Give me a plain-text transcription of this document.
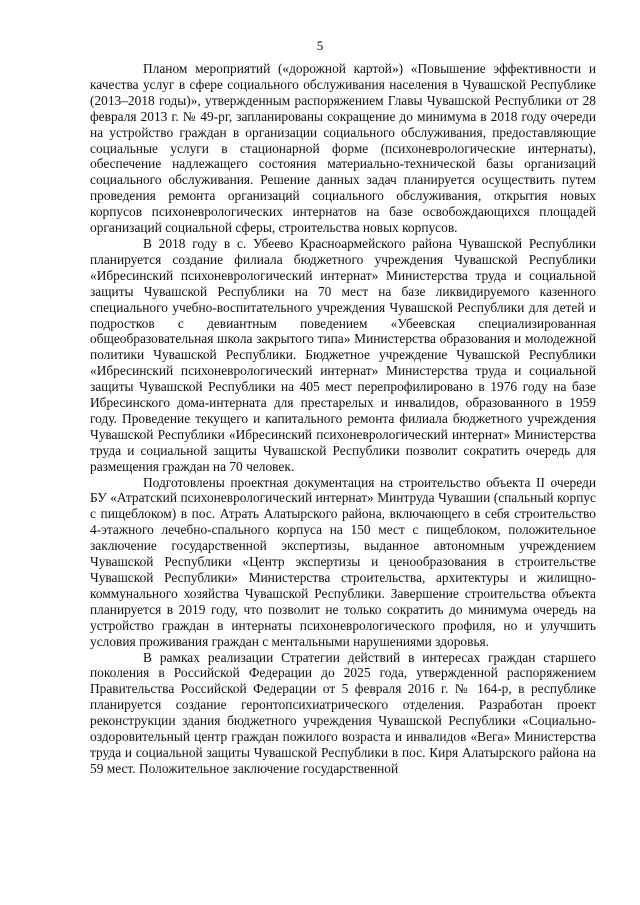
5

Планом мероприятий («дорожной картой») «Повышение эффективности и качества услуг в сфере социального обслуживания населения в Чувашской Республике (2013–2018 годы)», утвержденным распоряжением Главы Чувашской Республики от 28 февраля 2013 г. № 49-рг, запланированы сокращение до минимума в 2018 году очереди на устройство граждан в организации социального обслуживания, предоставляющие социальные услуги в стационарной форме (психоневрологические интернаты), обеспечение надлежащего состояния материально-технической базы организаций социального обслуживания. Решение данных задач планируется осуществить путем проведения ремонта организаций социального обслуживания, открытия новых корпусов психоневрологических интернатов на базе освобождающихся площадей организаций социальной сферы, строительства новых корпусов.

В 2018 году в с. Убеево Красноармейского района Чувашской Республики планируется создание филиала бюджетного учреждения Чувашской Республики «Ибресинский психоневрологический интернат» Министерства труда и социальной защиты Чувашской Республики на 70 мест на базе ликвидируемого казенного специального учебно-воспитательного учреждения Чувашской Республики для детей и подростков с девиантным поведением «Убеевская специализированная общеобразовательная школа закрытого типа» Министерства образования и молодежной политики Чувашской Республики. Бюджетное учреждение Чувашской Республики «Ибресинский психоневрологический интернат» Министерства труда и социальной защиты Чувашской Республики на 405 мест перепрофилировано в 1976 году на базе Ибресинского дома-интерната для престарелых и инвалидов, образованного в 1959 году. Проведение текущего и капитального ремонта филиала бюджетного учреждения Чувашской Республики «Ибресинский психоневрологический интернат» Министерства труда и социальной защиты Чувашской Республики позволит сократить очередь для размещения граждан на 70 человек.

Подготовлены проектная документация на строительство объекта II очереди БУ «Атратский психоневрологический интернат» Минтруда Чувашии (спальный корпус с пищеблоком) в пос. Атрать Алатырского района, включающего в себя строительство 4-этажного лечебно-спального корпуса на 150 мест с пищеблоком, положительное заключение государственной экспертизы, выданное автономным учреждением Чувашской Республики «Центр экспертизы и ценообразования в строительстве Чувашской Республики» Министерства строительства, архитектуры и жилищно-коммунального хозяйства Чувашской Республики. Завершение строительства объекта планируется в 2019 году, что позволит не только сократить до минимума очередь на устройство граждан в интернаты психоневрологического профиля, но и улучшить условия проживания граждан с ментальными нарушениями здоровья.

В рамках реализации Стратегии действий в интересах граждан старшего поколения в Российской Федерации до 2025 года, утвержденной распоряжением Правительства Российской Федерации от 5 февраля 2016 г. № 164-р, в республике планируется создание геронтопсихиатрического отделения. Разработан проект реконструкции здания бюджетного учреждения Чувашской Республики «Социально-оздоровительный центр граждан пожилого возраста и инвалидов «Вега» Министерства труда и социальной защиты Чувашской Республики в пос. Киря Алатырского района на 59 мест. Положительное заключение государственной
